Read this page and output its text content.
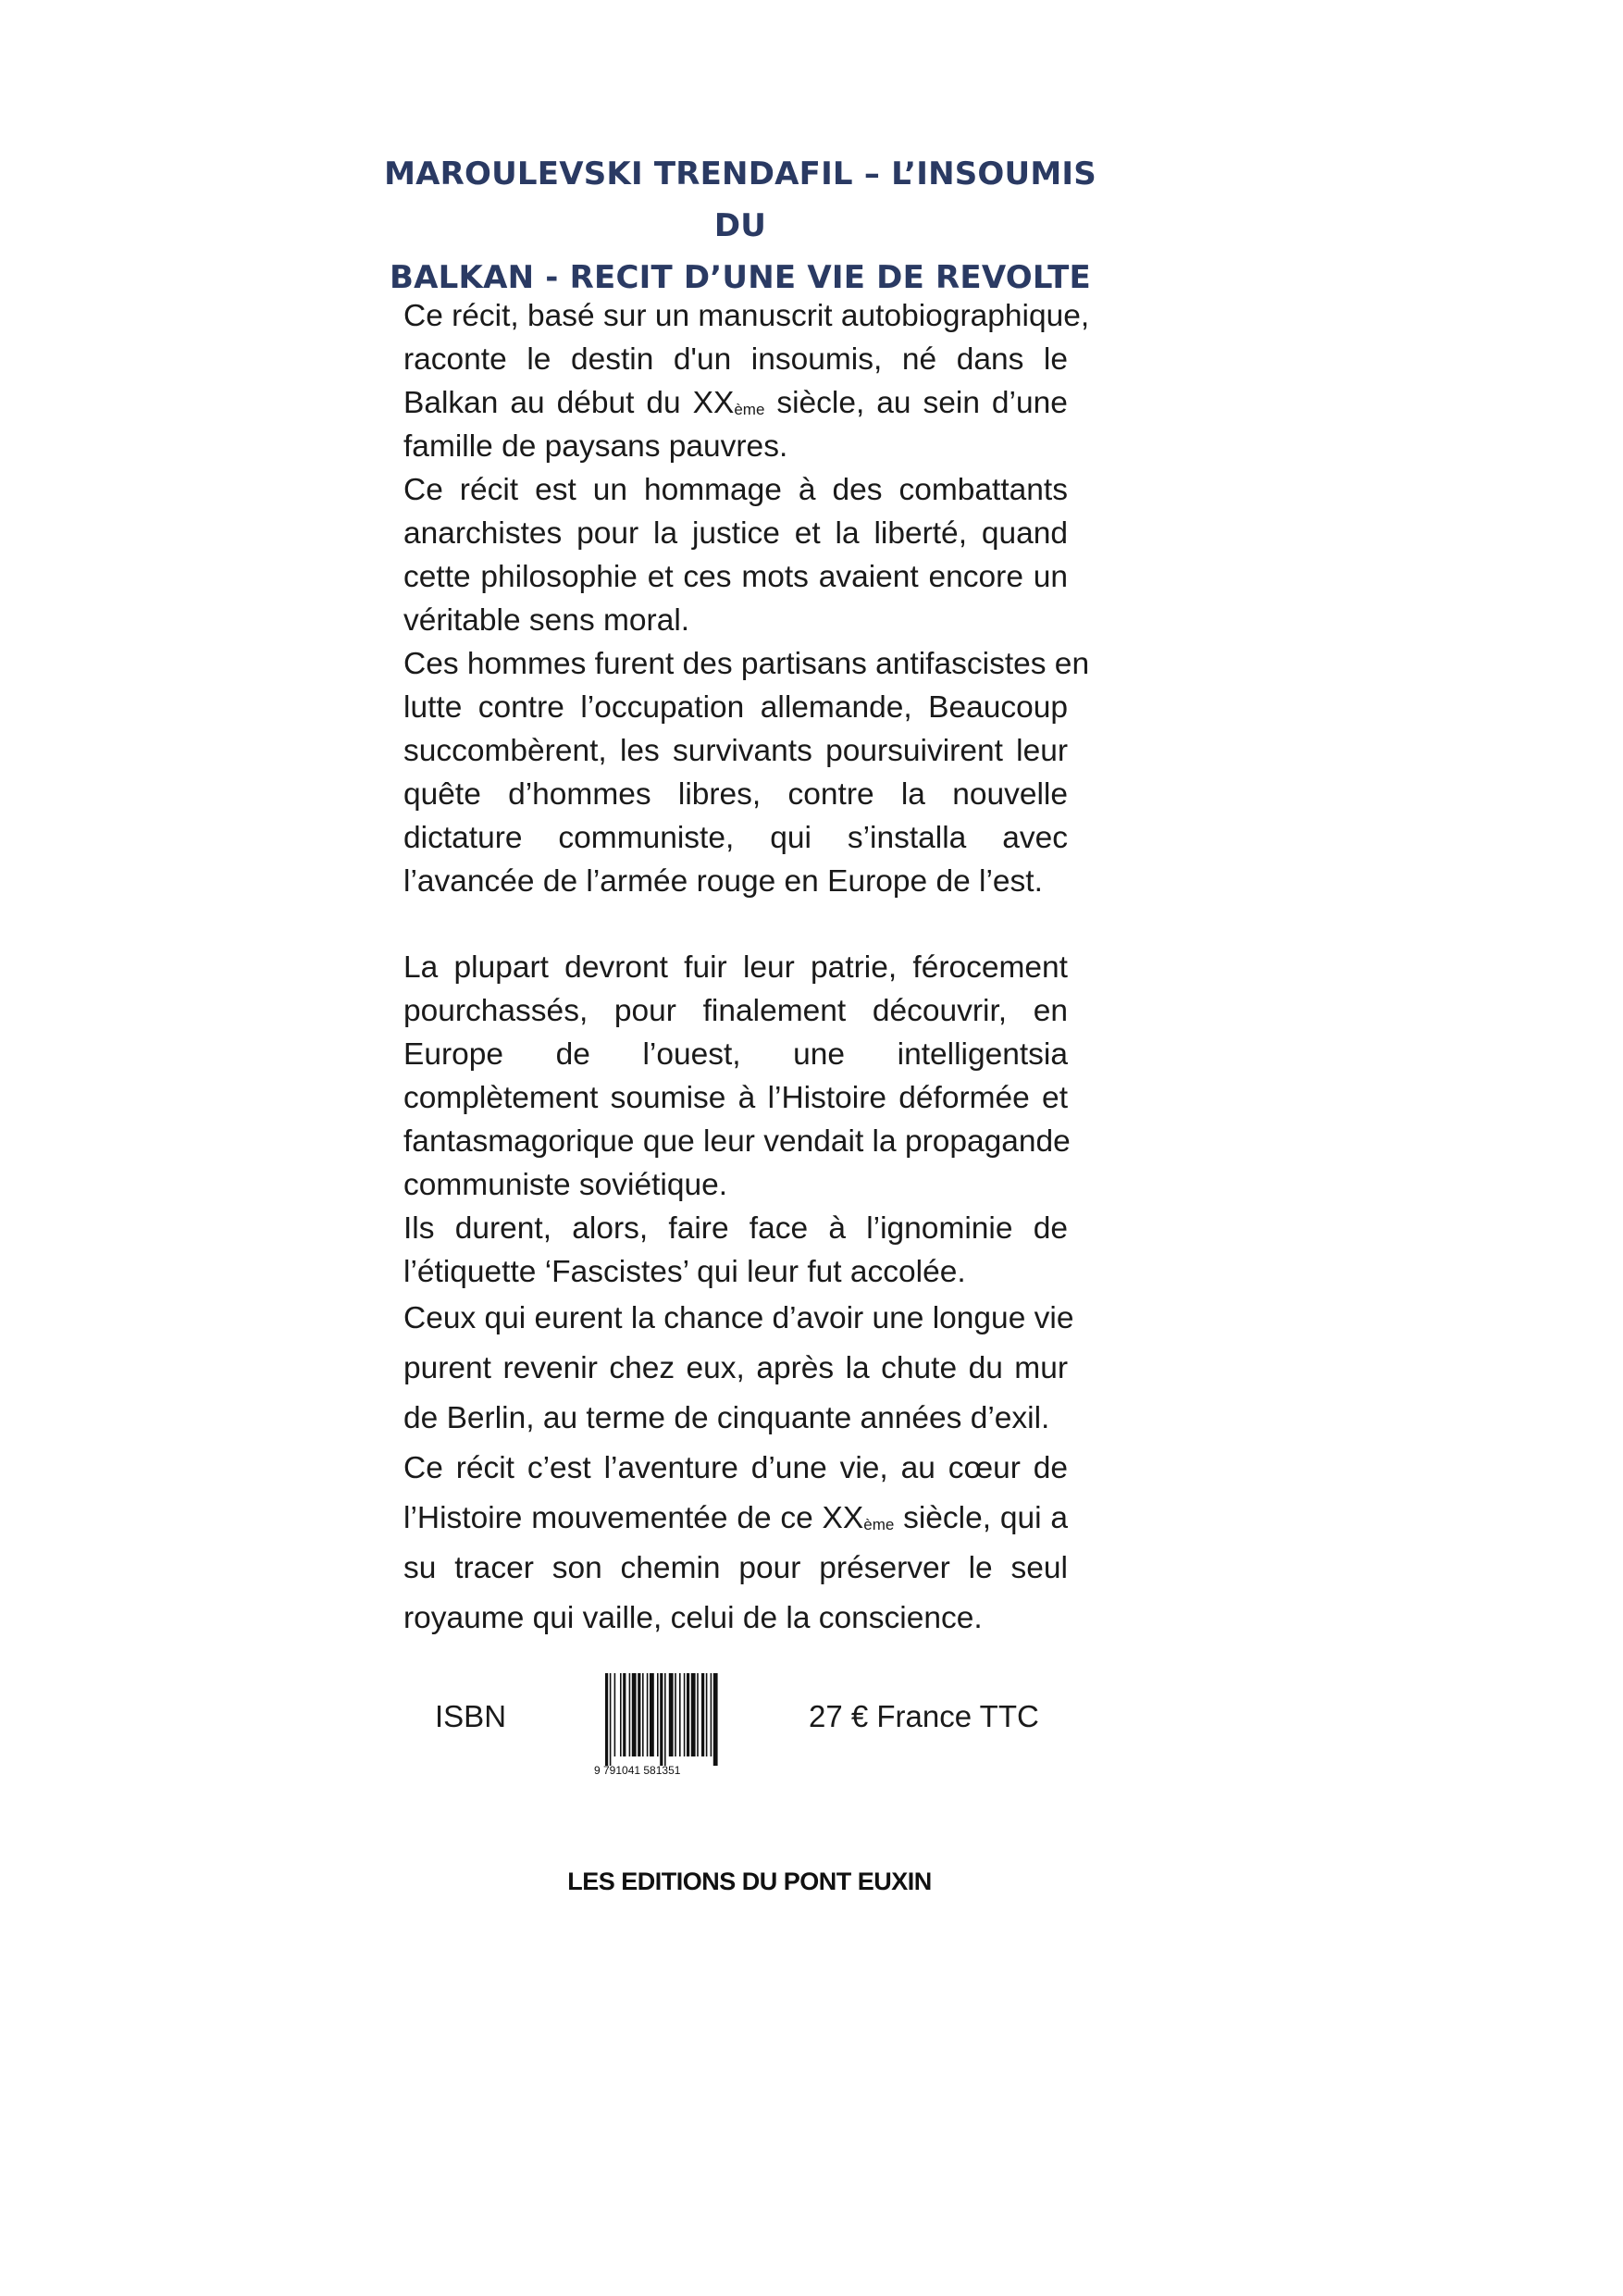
MAROULEVSKI TRENDAFIL – L’INSOUMIS DU
BALKAN - RECIT D’UNE VIE DE REVOLTE
Ce récit, basé sur un manuscrit autobiographique,
raconte le destin d'un insoumis, né dans le
Balkan au début du XXème siècle, au sein d’une
famille de paysans pauvres.
Ce récit est un hommage à des combattants
anarchistes pour la justice et la liberté, quand
cette philosophie et ces mots avaient encore un
véritable sens moral.
Ces hommes furent des partisans antifascistes en
lutte contre l’occupation allemande, Beaucoup
succombèrent, les survivants poursuivirent leur
quête d’hommes libres, contre la nouvelle
dictature communiste, qui s’installa avec
l’avancée de l’armée rouge en Europe de l’est.
La plupart devront fuir leur patrie, férocement
pourchassés, pour finalement découvrir, en
Europe de l’ouest, une intelligentsia
complètement soumise à l’Histoire déformée et
fantasmagorique que leur vendait la propagande
communiste soviétique.
Ils durent, alors, faire face à l’ignominie de
l’étiquette ‘Fascistes’ qui leur fut accolée.
Ceux qui eurent la chance d’avoir une longue vie
purent revenir chez eux, après la chute du mur
de Berlin, au terme de cinquante années d’exil.
Ce récit c’est l’aventure d’une vie, au cœur de
l’Histoire mouvementée de ce XXème siècle, qui a
su tracer son chemin pour préserver le seul
royaume qui vaille, celui de la conscience.
ISBN
9 791041 581351
27 € France TTC
LES EDITIONS DU PONT EUXIN
